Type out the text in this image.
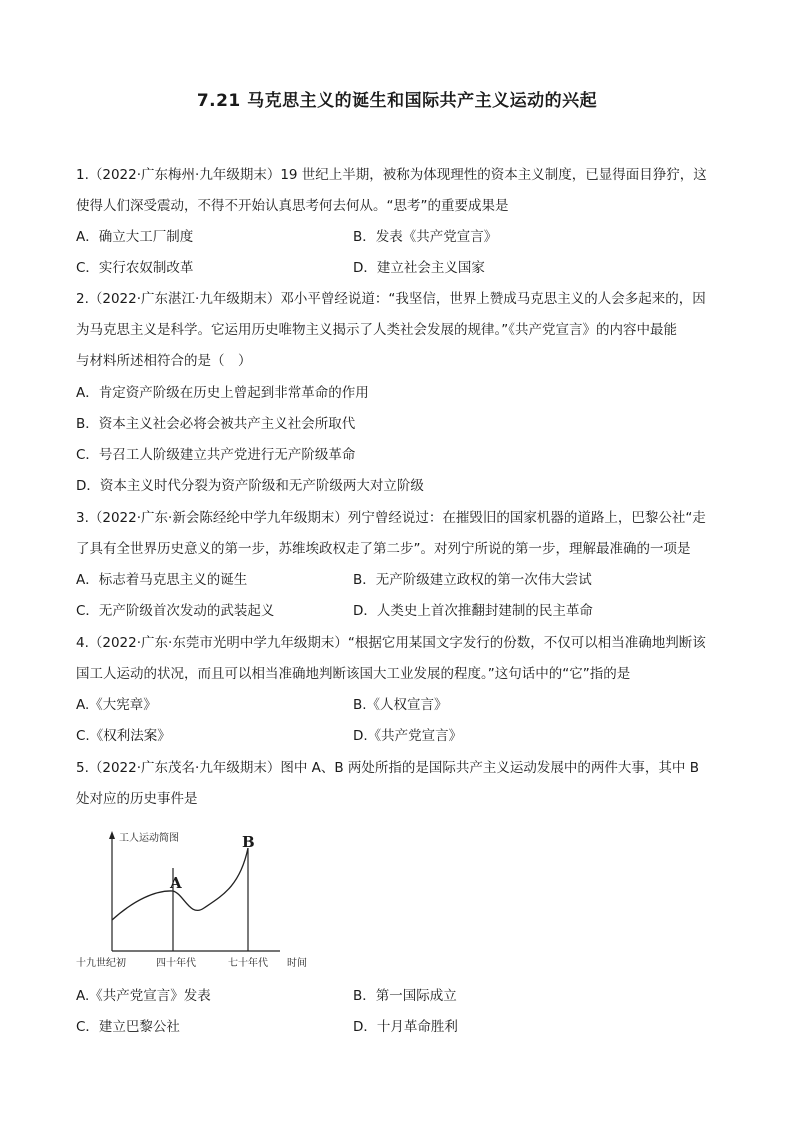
7.21 马克思主义的诞生和国际共产主义运动的兴起
1.（2022·广东梅州·九年级期末）19 世纪上半期，被称为体现理性的资本主义制度，已显得面目狰狞，这
使得人们深受震动，不得不开始认真思考何去何从。“思考”的重要成果是
A．确立大工厂制度	B．发表《共产党宣言》
C．实行农奴制改革	D．建立社会主义国家
2.（2022·广东湛江·九年级期末）邓小平曾经说道：“我坚信，世界上赞成马克思主义的人会多起来的，因
为马克思主义是科学。它运用历史唯物主义揭示了人类社会发展的规律。”《共产党宣言》的内容中最能
与材料所述相符合的是（　）
A．肯定资产阶级在历史上曾起到非常革命的作用
B．资本主义社会必将会被共产主义社会所取代
C．号召工人阶级建立共产党进行无产阶级革命
D．资本主义时代分裂为资产阶级和无产阶级两大对立阶级
3.（2022·广东·新会陈经纶中学九年级期末）列宁曾经说过：在摧毁旧的国家机器的道路上，巴黎公社“走
了具有全世界历史意义的第一步，苏维埃政权走了第二步”。对列宁所说的第一步，理解最准确的一项是
A．标志着马克思主义的诞生	B．无产阶级建立政权的第一次伟大尝试
C．无产阶级首次发动的武装起义	D．人类史上首次推翻封建制的民主革命
4.（2022·广东·东莞市光明中学九年级期末）“根据它用某国文字发行的份数，不仅可以相当准确地判断该
国工人运动的状况，而且可以相当准确地判断该国大工业发展的程度。”这句话中的“它”指的是
A.《大宪章》	B.《人权宣言》
C.《权利法案》	D.《共产党宣言》
5.（2022·广东茂名·九年级期末）图中 A、B 两处所指的是国际共产主义运动发展中的两件大事，其中 B
处对应的历史事件是
工人运动简图
A
B
十九世纪初	四十年代	七十年代 时间
A.《共产党宣言》发表	B．第一国际成立
C．建立巴黎公社	D．十月革命胜利
